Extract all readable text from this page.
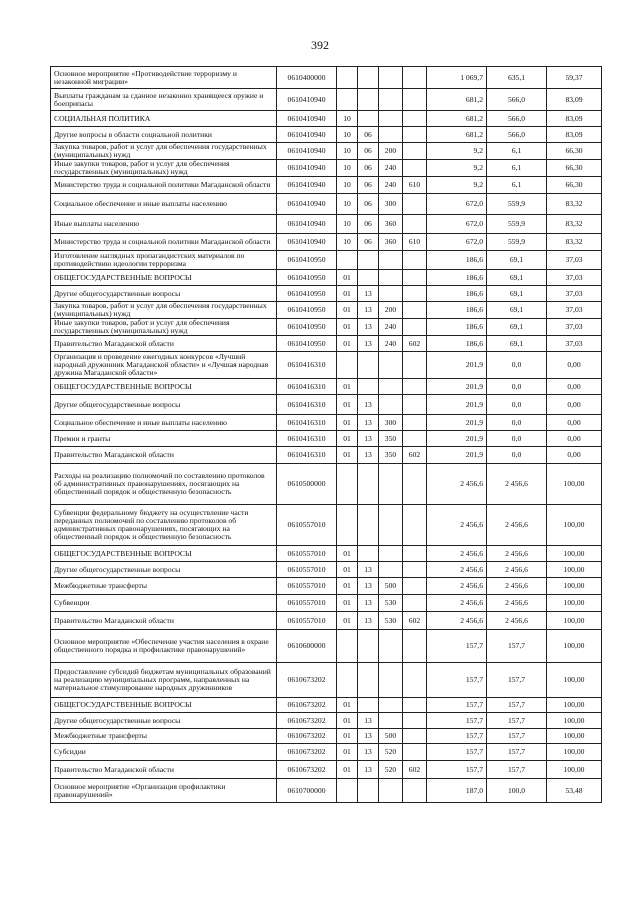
392
Основное мероприятие «Противодействие терроризму и незаконной миграции»	0610400000					1 069,7	635,1	59,37
Выплаты гражданам за сданное незаконно хранящееся оружие и боеприпасы	0610410940					681,2	566,0	83,09
СОЦИАЛЬНАЯ ПОЛИТИКА	0610410940	10				681,2	566,0	83,09
Другие вопросы в области социальной политики	0610410940	10	06			681,2	566,0	83,09
Закупка товаров, работ и услуг для обеспечения государственных (муниципальных) нужд	0610410940	10	06	200		9,2	6,1	66,30
Иные закупки товаров, работ и услуг для обеспечения государственных (муниципальных) нужд	0610410940	10	06	240		9,2	6,1	66,30
Министерство труда и социальной политики Магаданской области	0610410940	10	06	240	610	9,2	6,1	66,30
Социальное обеспечение и иные выплаты населению	0610410940	10	06	300		672,0	559,9	83,32
Иные выплаты населению	0610410940	10	06	360		672,0	559,9	83,32
Министерство труда и социальной политики Магаданской области	0610410940	10	06	360	610	672,0	559,9	83,32
Изготовление наглядных пропагандистских материалов по противодействию идеологии терроризма	0610410950					186,6	69,1	37,03
ОБЩЕГОСУДАРСТВЕННЫЕ ВОПРОСЫ	0610410950	01				186,6	69,1	37,03
Другие общегосударственные вопросы	0610410950	01	13			186,6	69,1	37,03
Закупка товаров, работ и услуг для обеспечения государственных (муниципальных) нужд	0610410950	01	13	200		186,6	69,1	37,03
Иные закупки товаров, работ и услуг для обеспечения государственных (муниципальных) нужд	0610410950	01	13	240		186,6	69,1	37,03
Правительство Магаданской области	0610410950	01	13	240	602	186,6	69,1	37,03
Организация и проведение ежегодных конкурсов «Лучший народный дружинник Магаданской области» и «Лучшая народная дружина Магаданской области»	0610416310					201,9	0,0	0,00
ОБЩЕГОСУДАРСТВЕННЫЕ ВОПРОСЫ	0610416310	01				201,9	0,0	0,00
Другие общегосударственные вопросы	0610416310	01	13			201,9	0,0	0,00
Социальное обеспечение и иные выплаты населению	0610416310	01	13	300		201,9	0,0	0,00
Премии и гранты	0610416310	01	13	350		201,9	0,0	0,00
Правительство Магаданской области	0610416310	01	13	350	602	201,9	0,0	0,00
Расходы на реализацию полномочий по составлению протоколов об административных правонарушениях, посягающих на общественный порядок и общественную безопасность	0610500000					2 456,6	2 456,6	100,00
Субвенции федеральному бюджету на осуществление части переданных полномочий по составлению протоколов об административных правонарушениях, посягающих на общественный порядок и общественную безопасность	0610557010					2 456,6	2 456,6	100,00
ОБЩЕГОСУДАРСТВЕННЫЕ ВОПРОСЫ	0610557010	01				2 456,6	2 456,6	100,00
Другие общегосударственные вопросы	0610557010	01	13			2 456,6	2 456,6	100,00
Межбюджетные трансферты	0610557010	01	13	500		2 456,6	2 456,6	100,00
Субвенции	0610557010	01	13	530		2 456,6	2 456,6	100,00
Правительство Магаданской области	0610557010	01	13	530	602	2 456,6	2 456,6	100,00
Основное мероприятие «Обеспечение участия населения в охране общественного порядка и профилактике правонарушений»	0610600000					157,7	157,7	100,00
Предоставление субсидий бюджетам муниципальных образований на реализацию муниципальных программ, направленных на материальное стимулирование народных дружинников	0610673202					157,7	157,7	100,00
ОБЩЕГОСУДАРСТВЕННЫЕ ВОПРОСЫ	0610673202	01				157,7	157,7	100,00
Другие общегосударственные вопросы	0610673202	01	13			157,7	157,7	100,00
Межбюджетные трансферты	0610673202	01	13	500		157,7	157,7	100,00
Субсидии	0610673202	01	13	520		157,7	157,7	100,00
Правительство Магаданской области	0610673202	01	13	520	602	157,7	157,7	100,00
Основное мероприятие «Организация профилактики правонарушений»	0610700000					187,0	100,0	53,48
